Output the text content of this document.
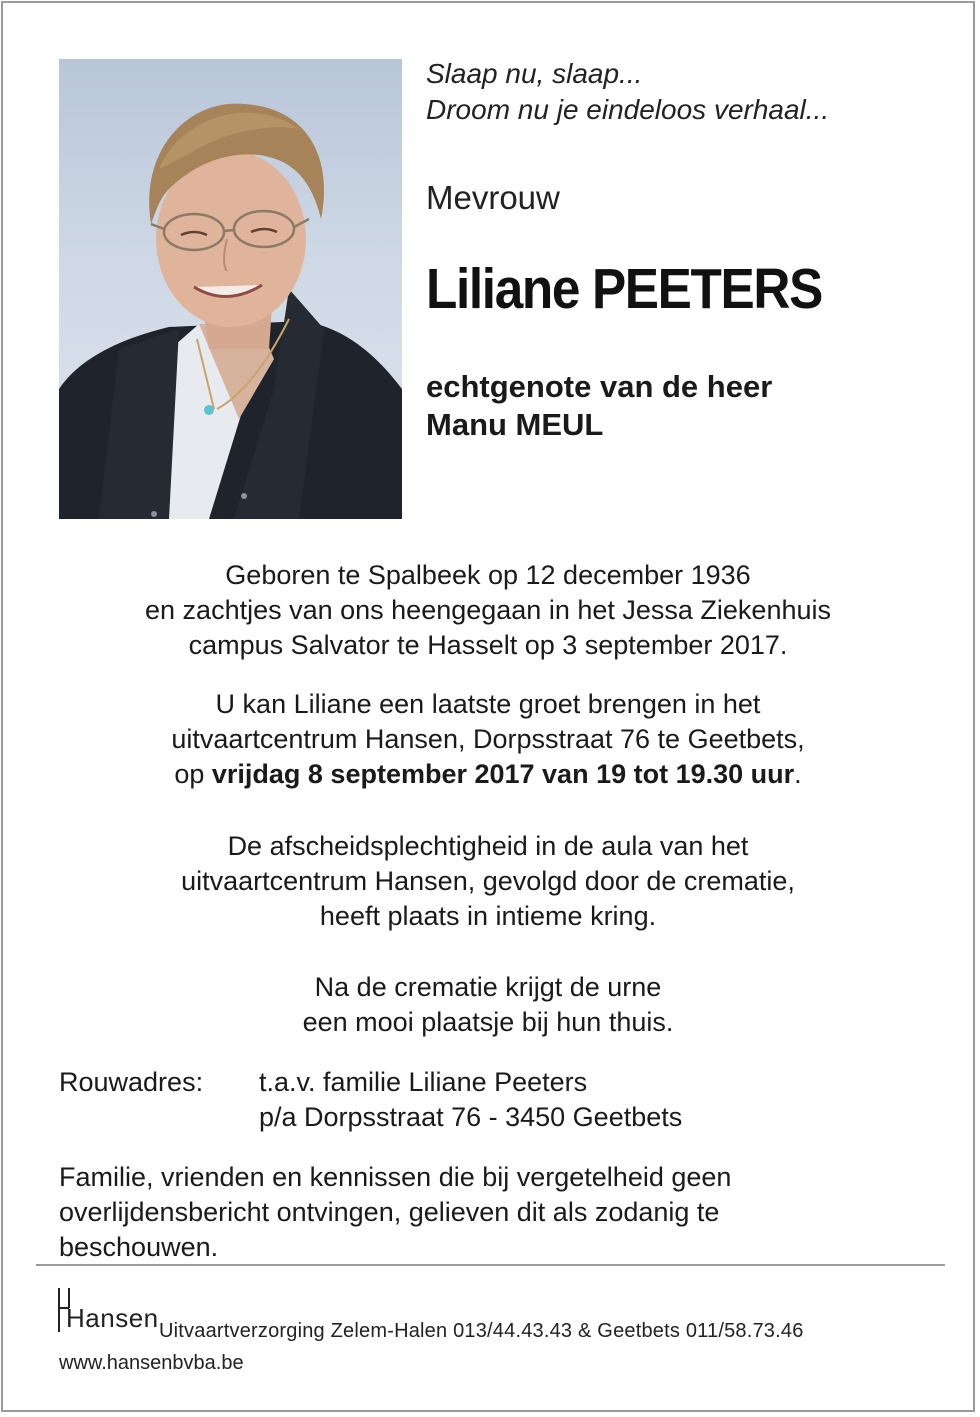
Slaap nu, slaap...
Droom nu je eindeloos verhaal...
Mevrouw
Liliane PEETERS
echtgenote van de heer
Manu MEUL
Geboren te Spalbeek op 12 december 1936
en zachtjes van ons heengegaan in het Jessa Ziekenhuis
campus Salvator te Hasselt op 3 september 2017.
U kan Liliane een laatste groet brengen in het
uitvaartcentrum Hansen, Dorpsstraat 76 te Geetbets,
op vrijdag 8 september 2017 van 19 tot 19.30 uur.
De afscheidsplechtigheid in de aula van het
uitvaartcentrum Hansen, gevolgd door de crematie,
heeft plaats in intieme kring.
Na de crematie krijgt de urne
een mooi plaatsje bij hun thuis.
Rouwadres: t.a.v. familie Liliane Peeters
p/a Dorpsstraat 76 - 3450 Geetbets
Familie, vrienden en kennissen die bij vergetelheid geen
overlijdensbericht ontvingen, gelieven dit als zodanig te
beschouwen.
Hansen Uitvaartverzorging Zelem-Halen 013/44.43.43 & Geetbets 011/58.73.46
www.hansenbvba.be
